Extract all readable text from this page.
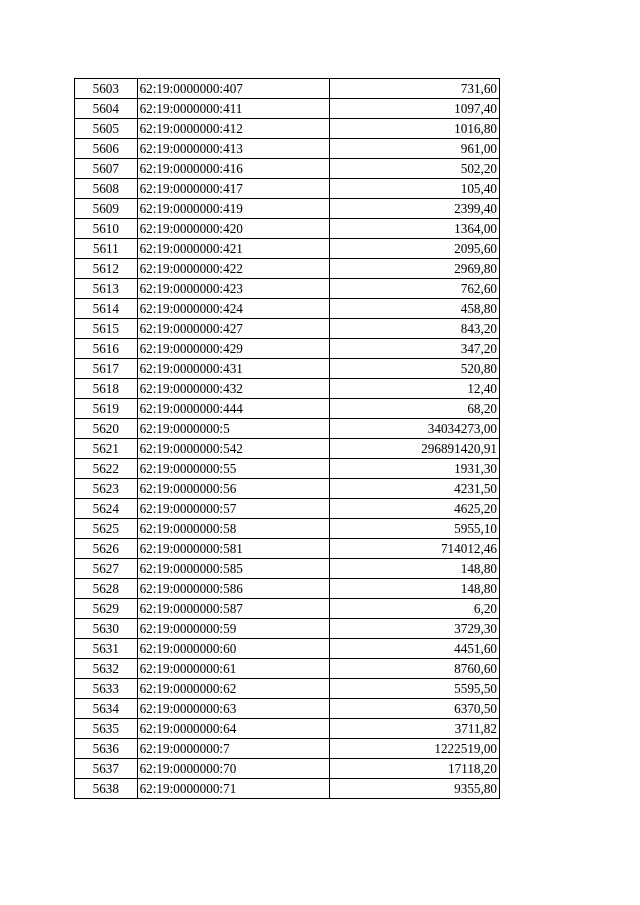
5603	62:19:0000000:407	731,60
5604	62:19:0000000:411	1097,40
5605	62:19:0000000:412	1016,80
5606	62:19:0000000:413	961,00
5607	62:19:0000000:416	502,20
5608	62:19:0000000:417	105,40
5609	62:19:0000000:419	2399,40
5610	62:19:0000000:420	1364,00
5611	62:19:0000000:421	2095,60
5612	62:19:0000000:422	2969,80
5613	62:19:0000000:423	762,60
5614	62:19:0000000:424	458,80
5615	62:19:0000000:427	843,20
5616	62:19:0000000:429	347,20
5617	62:19:0000000:431	520,80
5618	62:19:0000000:432	12,40
5619	62:19:0000000:444	68,20
5620	62:19:0000000:5	34034273,00
5621	62:19:0000000:542	296891420,91
5622	62:19:0000000:55	1931,30
5623	62:19:0000000:56	4231,50
5624	62:19:0000000:57	4625,20
5625	62:19:0000000:58	5955,10
5626	62:19:0000000:581	714012,46
5627	62:19:0000000:585	148,80
5628	62:19:0000000:586	148,80
5629	62:19:0000000:587	6,20
5630	62:19:0000000:59	3729,30
5631	62:19:0000000:60	4451,60
5632	62:19:0000000:61	8760,60
5633	62:19:0000000:62	5595,50
5634	62:19:0000000:63	6370,50
5635	62:19:0000000:64	3711,82
5636	62:19:0000000:7	1222519,00
5637	62:19:0000000:70	17118,20
5638	62:19:0000000:71	9355,80
